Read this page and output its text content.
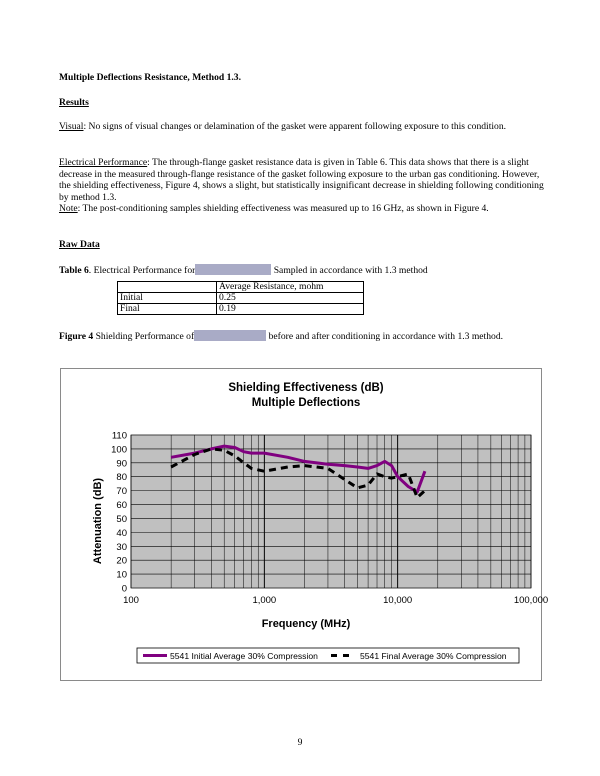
Multiple Deflections Resistance, Method 1.3.

Results

Visual: No signs of visual changes or delamination of the gasket were apparent following exposure to this condition.

Electrical Performance: The through-flange gasket resistance data is given in Table 6. This data shows that there is a slight decrease in the measured through-flange resistance of the gasket following exposure to the urban gas conditioning. However, the shielding effectiveness, Figure 4, shows a slight, but statistically insignificant decrease in shielding following conditioning by method 1.3.

Note: The post-conditioning samples shielding effectiveness was measured up to 16 GHz, as shown in Figure 4.

Raw Data

Table 6. Electrical Performance for	Sampled in accordance with 1.3 method

	Average Resistance, mohm
Initial	0.25
Final	0.19

Figure 4 Shielding Performance of	before and after conditioning in accordance with 1.3 method.

Shielding Effectiveness (dB)
Multiple Deflections
0
10
20
30
40
50
60
70
80
90
100
110
100	1,000	10,000	100,000
Frequency (MHz)
Attenuation (dB)
5541 Initial Average 30% Compression	5541 Final Average 30% Compression
9
